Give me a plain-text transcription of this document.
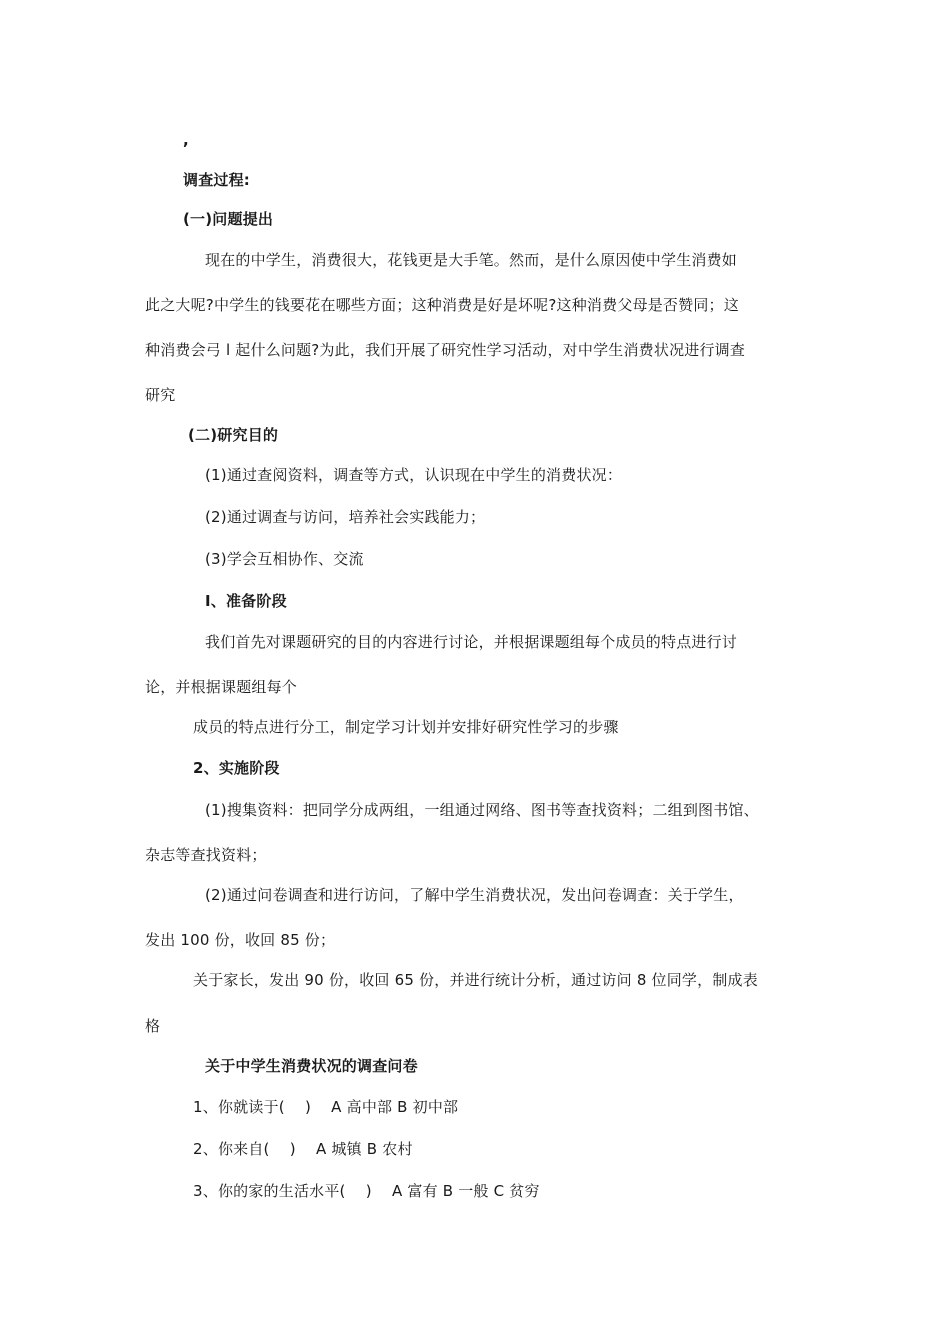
,
调查过程:
(一)问题提出
现在的中学生，消费很大，花钱更是大手笔。然而，是什么原因使中学生消费如
此之大呢?中学生的钱要花在哪些方面；这种消费是好是坏呢?这种消费父母是否赞同；这
种消费会弓 l 起什么问题?为此，我们开展了研究性学习活动，对中学生消费状况进行调查
研究
(二)研究目的
(1)通过查阅资料，调查等方式，认识现在中学生的消费状况：
(2)通过调查与访问，培养社会实践能力；
(3)学会互相协作、交流
I、准备阶段
我们首先对课题研究的目的内容进行讨论，并根据课题组每个成员的特点进行讨
论，并根据课题组每个
成员的特点进行分工，制定学习计划并安排好研究性学习的步骤
2、实施阶段
(1)搜集资料：把同学分成两组，一组通过网络、图书等查找资料；二组到图书馆、
杂志等查找资料；
(2)通过问卷调查和进行访问，了解中学生消费状况，发出问卷调查：关于学生，
发出 100 份，收回 85 份；
关于家长，发出 90 份，收回 65 份，并进行统计分析，通过访问 8 位同学，制成表
格
关于中学生消费状况的调查问卷
1、你就读于(　 )　 A 高中部 B 初中部
2、你来自(　 )　 A 城镇 B 农村
3、你的家的生活水平(　 )　 A 富有 B 一般 C 贫穷
